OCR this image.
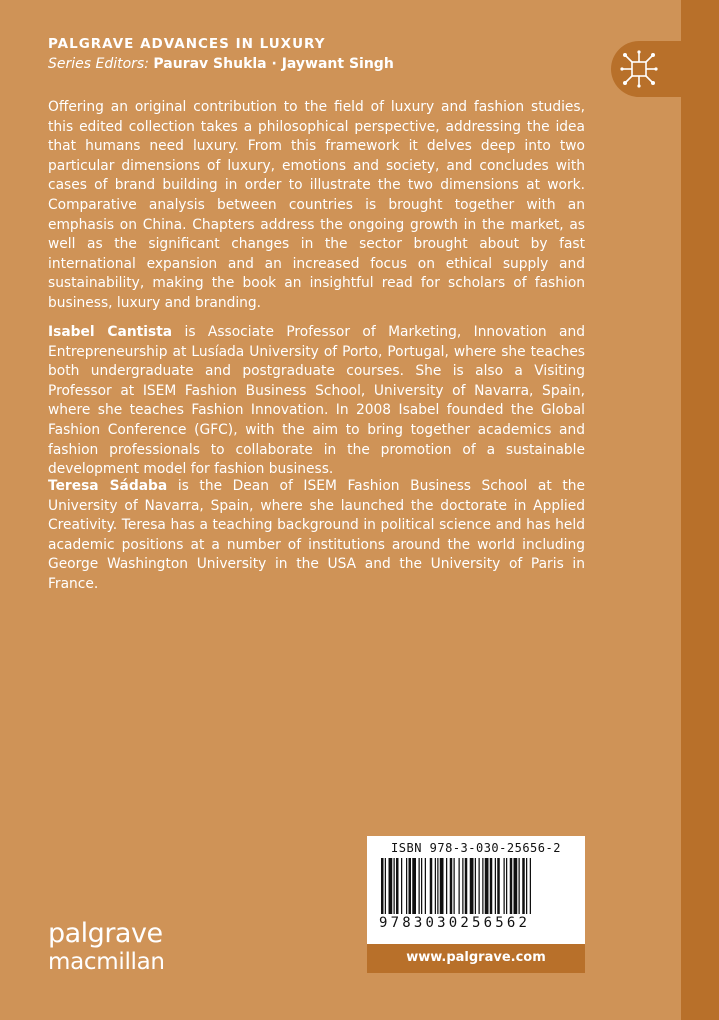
PALGRAVE ADVANCES IN LUXURY
Series Editors: Paurav Shukla · Jaywant Singh
Offering an original contribution to the field of luxury and fashion studies, this edited collection takes a philosophical perspective, addressing the idea that humans need luxury. From this framework it delves deep into two particular dimensions of luxury, emotions and society, and concludes with cases of brand building in order to illustrate the two dimensions at work. Comparative analysis between countries is brought together with an emphasis on China. Chapters address the ongoing growth in the market, as well as the significant changes in the sector brought about by fast international expansion and an increased focus on ethical supply and sustainability, making the book an insightful read for scholars of fashion business, luxury and branding.
Isabel Cantista is Associate Professor of Marketing, Innovation and Entrepreneurship at Lusíada University of Porto, Portugal, where she teaches both undergraduate and postgraduate courses. She is also a Visiting Professor at ISEM Fashion Business School, University of Navarra, Spain, where she teaches Fashion Innovation. In 2008 Isabel founded the Global Fashion Conference (GFC), with the aim to bring together academics and fashion professionals to collaborate in the promotion of a sustainable development model for fashion business.
Teresa Sádaba is the Dean of ISEM Fashion Business School at the University of Navarra, Spain, where she launched the doctorate in Applied Creativity. Teresa has a teaching background in political science and has held academic positions at a number of institutions around the world including George Washington University in the USA and the University of Paris in France.
ISBN 978-3-030-25656-2
9783030256562
www.palgrave.com
palgrave
macmillan
